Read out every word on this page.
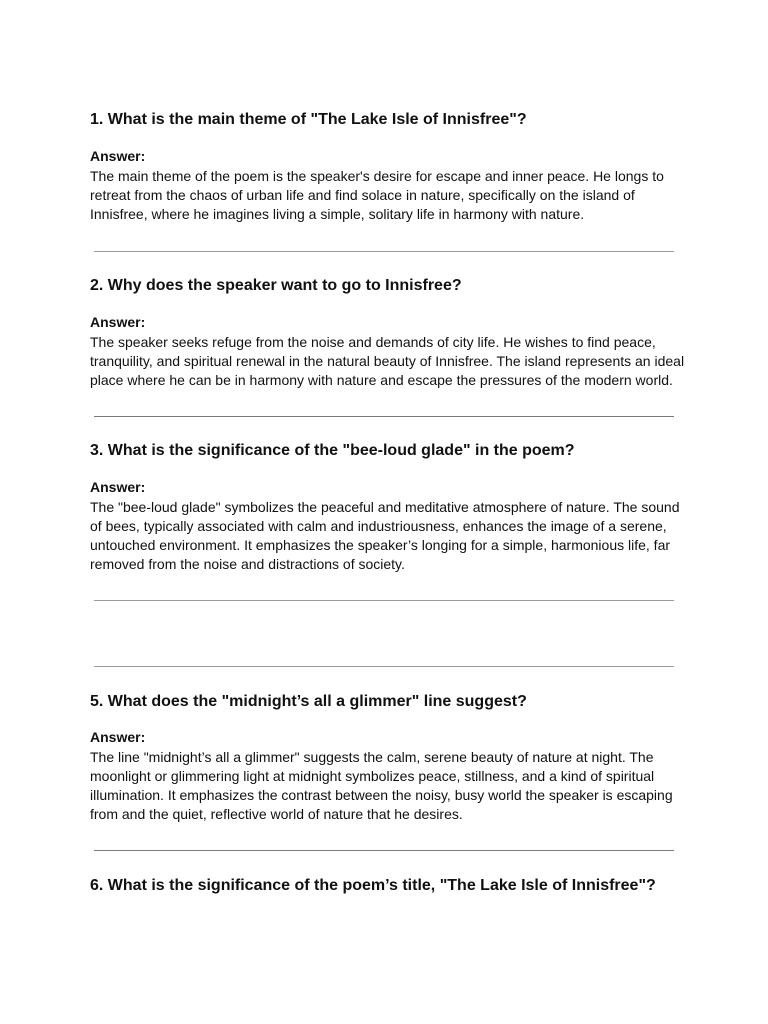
1. What is the main theme of "The Lake Isle of Innisfree"?

Answer:

The main theme of the poem is the speaker's desire for escape and inner peace. He longs to
retreat from the chaos of urban life and find solace in nature, specifically on the island of
Innisfree, where he imagines living a simple, solitary life in harmony with nature.

2. Why does the speaker want to go to Innisfree?

Answer:

The speaker seeks refuge from the noise and demands of city life. He wishes to find peace,
tranquility, and spiritual renewal in the natural beauty of Innisfree. The island represents an ideal
place where he can be in harmony with nature and escape the pressures of the modern world.

3. What is the significance of the "bee-loud glade" in the poem?

Answer:

The "bee-loud glade" symbolizes the peaceful and meditative atmosphere of nature. The sound
of bees, typically associated with calm and industriousness, enhances the image of a serene,
untouched environment. It emphasizes the speaker’s longing for a simple, harmonious life, far
removed from the noise and distractions of society.

5. What does the "midnight’s all a glimmer" line suggest?

Answer:

The line "midnight’s all a glimmer" suggests the calm, serene beauty of nature at night. The
moonlight or glimmering light at midnight symbolizes peace, stillness, and a kind of spiritual
illumination. It emphasizes the contrast between the noisy, busy world the speaker is escaping
from and the quiet, reflective world of nature that he desires.

6. What is the significance of the poem’s title, "The Lake Isle of Innisfree"?
